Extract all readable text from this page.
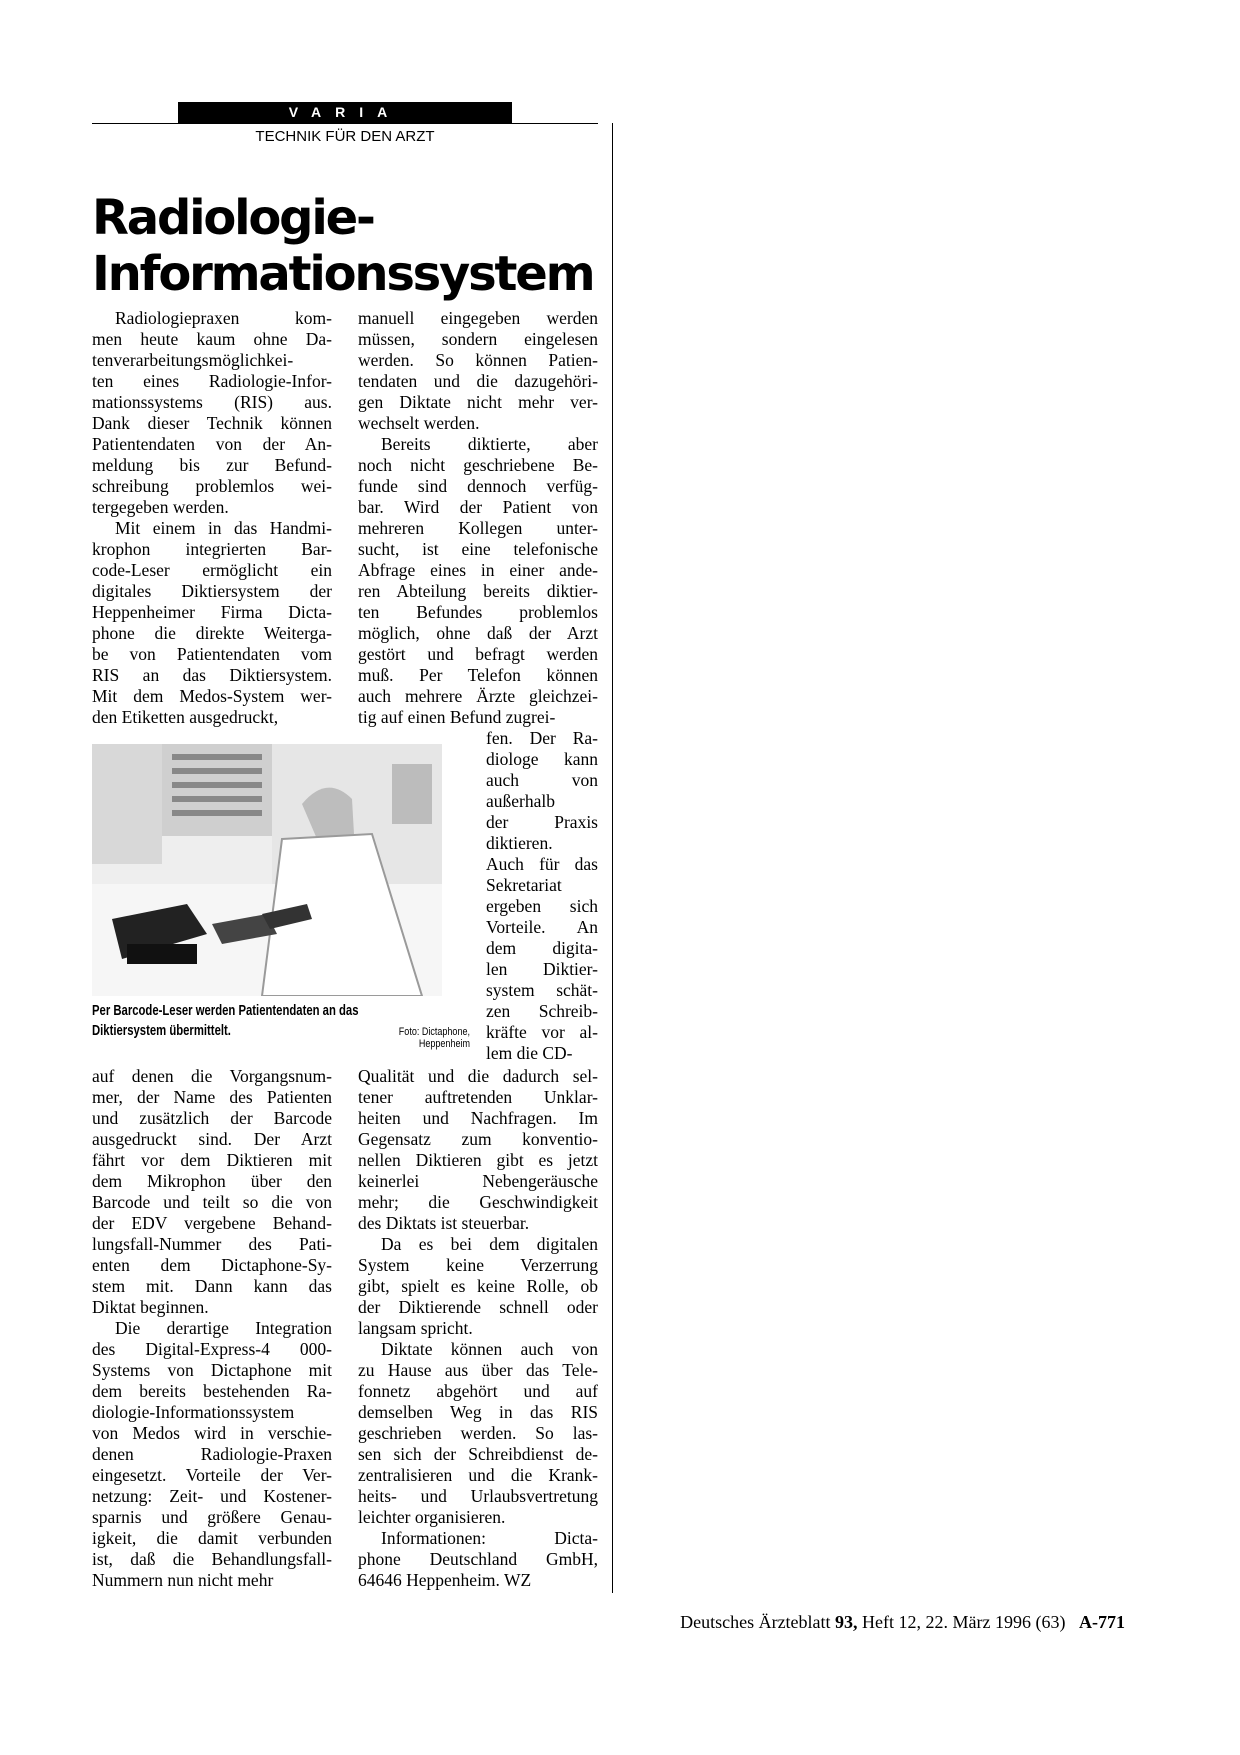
VARIA
TECHNIK FÜR DEN ARZT
Radiologie-
Informationssystem

Radiologiepraxen kom-
men heute kaum ohne Da-
tenverarbeitungsmöglichkei-
ten eines Radiologie-Infor-
mationssystems (RIS) aus.
Dank dieser Technik können
Patientendaten von der An-
meldung bis zur Befund-
schreibung problemlos wei-
tergegeben werden.

Mit einem in das Handmi-
krophon integrierten Bar-
code-Leser ermöglicht ein
digitales Diktiersystem der
Heppenheimer Firma Dicta-
phone die direkte Weiterga-
be von Patientendaten vom
RIS an das Diktiersystem.
Mit dem Medos-System wer-
den Etiketten ausgedruckt,

Per Barcode-Leser werden Patientendaten an das Diktiersystem übermittelt.	Foto: Dictaphone, Heppenheim

auf denen die Vorgangsnum-
mer, der Name des Patienten
und zusätzlich der Barcode
ausgedruckt sind. Der Arzt
fährt vor dem Diktieren mit
dem Mikrophon über den
Barcode und teilt so die von
der EDV vergebene Behand-
lungsfall-Nummer des Pati-
enten dem Dictaphone-Sy-
stem mit. Dann kann das
Diktat beginnen.

Die derartige Integration
des Digital-Express-4 000-
Systems von Dictaphone mit
dem bereits bestehenden Ra-
diologie-Informationssystem
von Medos wird in verschie-
denen Radiologie-Praxen
eingesetzt. Vorteile der Ver-
netzung: Zeit- und Kostener-
sparnis und größere Genau-
igkeit, die damit verbunden
ist, daß die Behandlungsfall-
Nummern nun nicht mehr

manuell eingegeben werden
müssen, sondern eingelesen
werden. So können Patien-
tendaten und die dazugehöri-
gen Diktate nicht mehr ver-
wechselt werden.

Bereits diktierte, aber
noch nicht geschriebene Be-
funde sind dennoch verfüg-
bar. Wird der Patient von
mehreren Kollegen unter-
sucht, ist eine telefonische
Abfrage eines in einer ande-
ren Abteilung bereits diktier-
ten Befundes problemlos
möglich, ohne daß der Arzt
gestört und befragt werden
muß. Per Telefon können
auch mehrere Ärzte gleichzei-
tig auf einen Befund zugrei-

fen. Der Ra-
diologe kann
auch von
außerhalb
der Praxis
diktieren.
Auch für das
Sekretariat
ergeben sich
Vorteile. An
dem digita-
len Diktier-
system schät-
zen Schreib-
kräfte vor al-
lem die CD-

Qualität und die dadurch sel-
tener auftretenden Unklar-
heiten und Nachfragen. Im
Gegensatz zum konventio-
nellen Diktieren gibt es jetzt
keinerlei Nebengeräusche
mehr; die Geschwindigkeit
des Diktats ist steuerbar.

Da es bei dem digitalen
System keine Verzerrung
gibt, spielt es keine Rolle, ob
der Diktierende schnell oder
langsam spricht.

Diktate können auch von
zu Hause aus über das Tele-
fonnetz abgehört und auf
demselben Weg in das RIS
geschrieben werden. So las-
sen sich der Schreibdienst de-
zentralisieren und die Krank-
heits- und Urlaubsvertretung
leichter organisieren.

Informationen: Dicta-
phone Deutschland GmbH,
64646 Heppenheim. WZ

Deutsches Ärzteblatt 93, Heft 12, 22. März 1996 (63) A-771
